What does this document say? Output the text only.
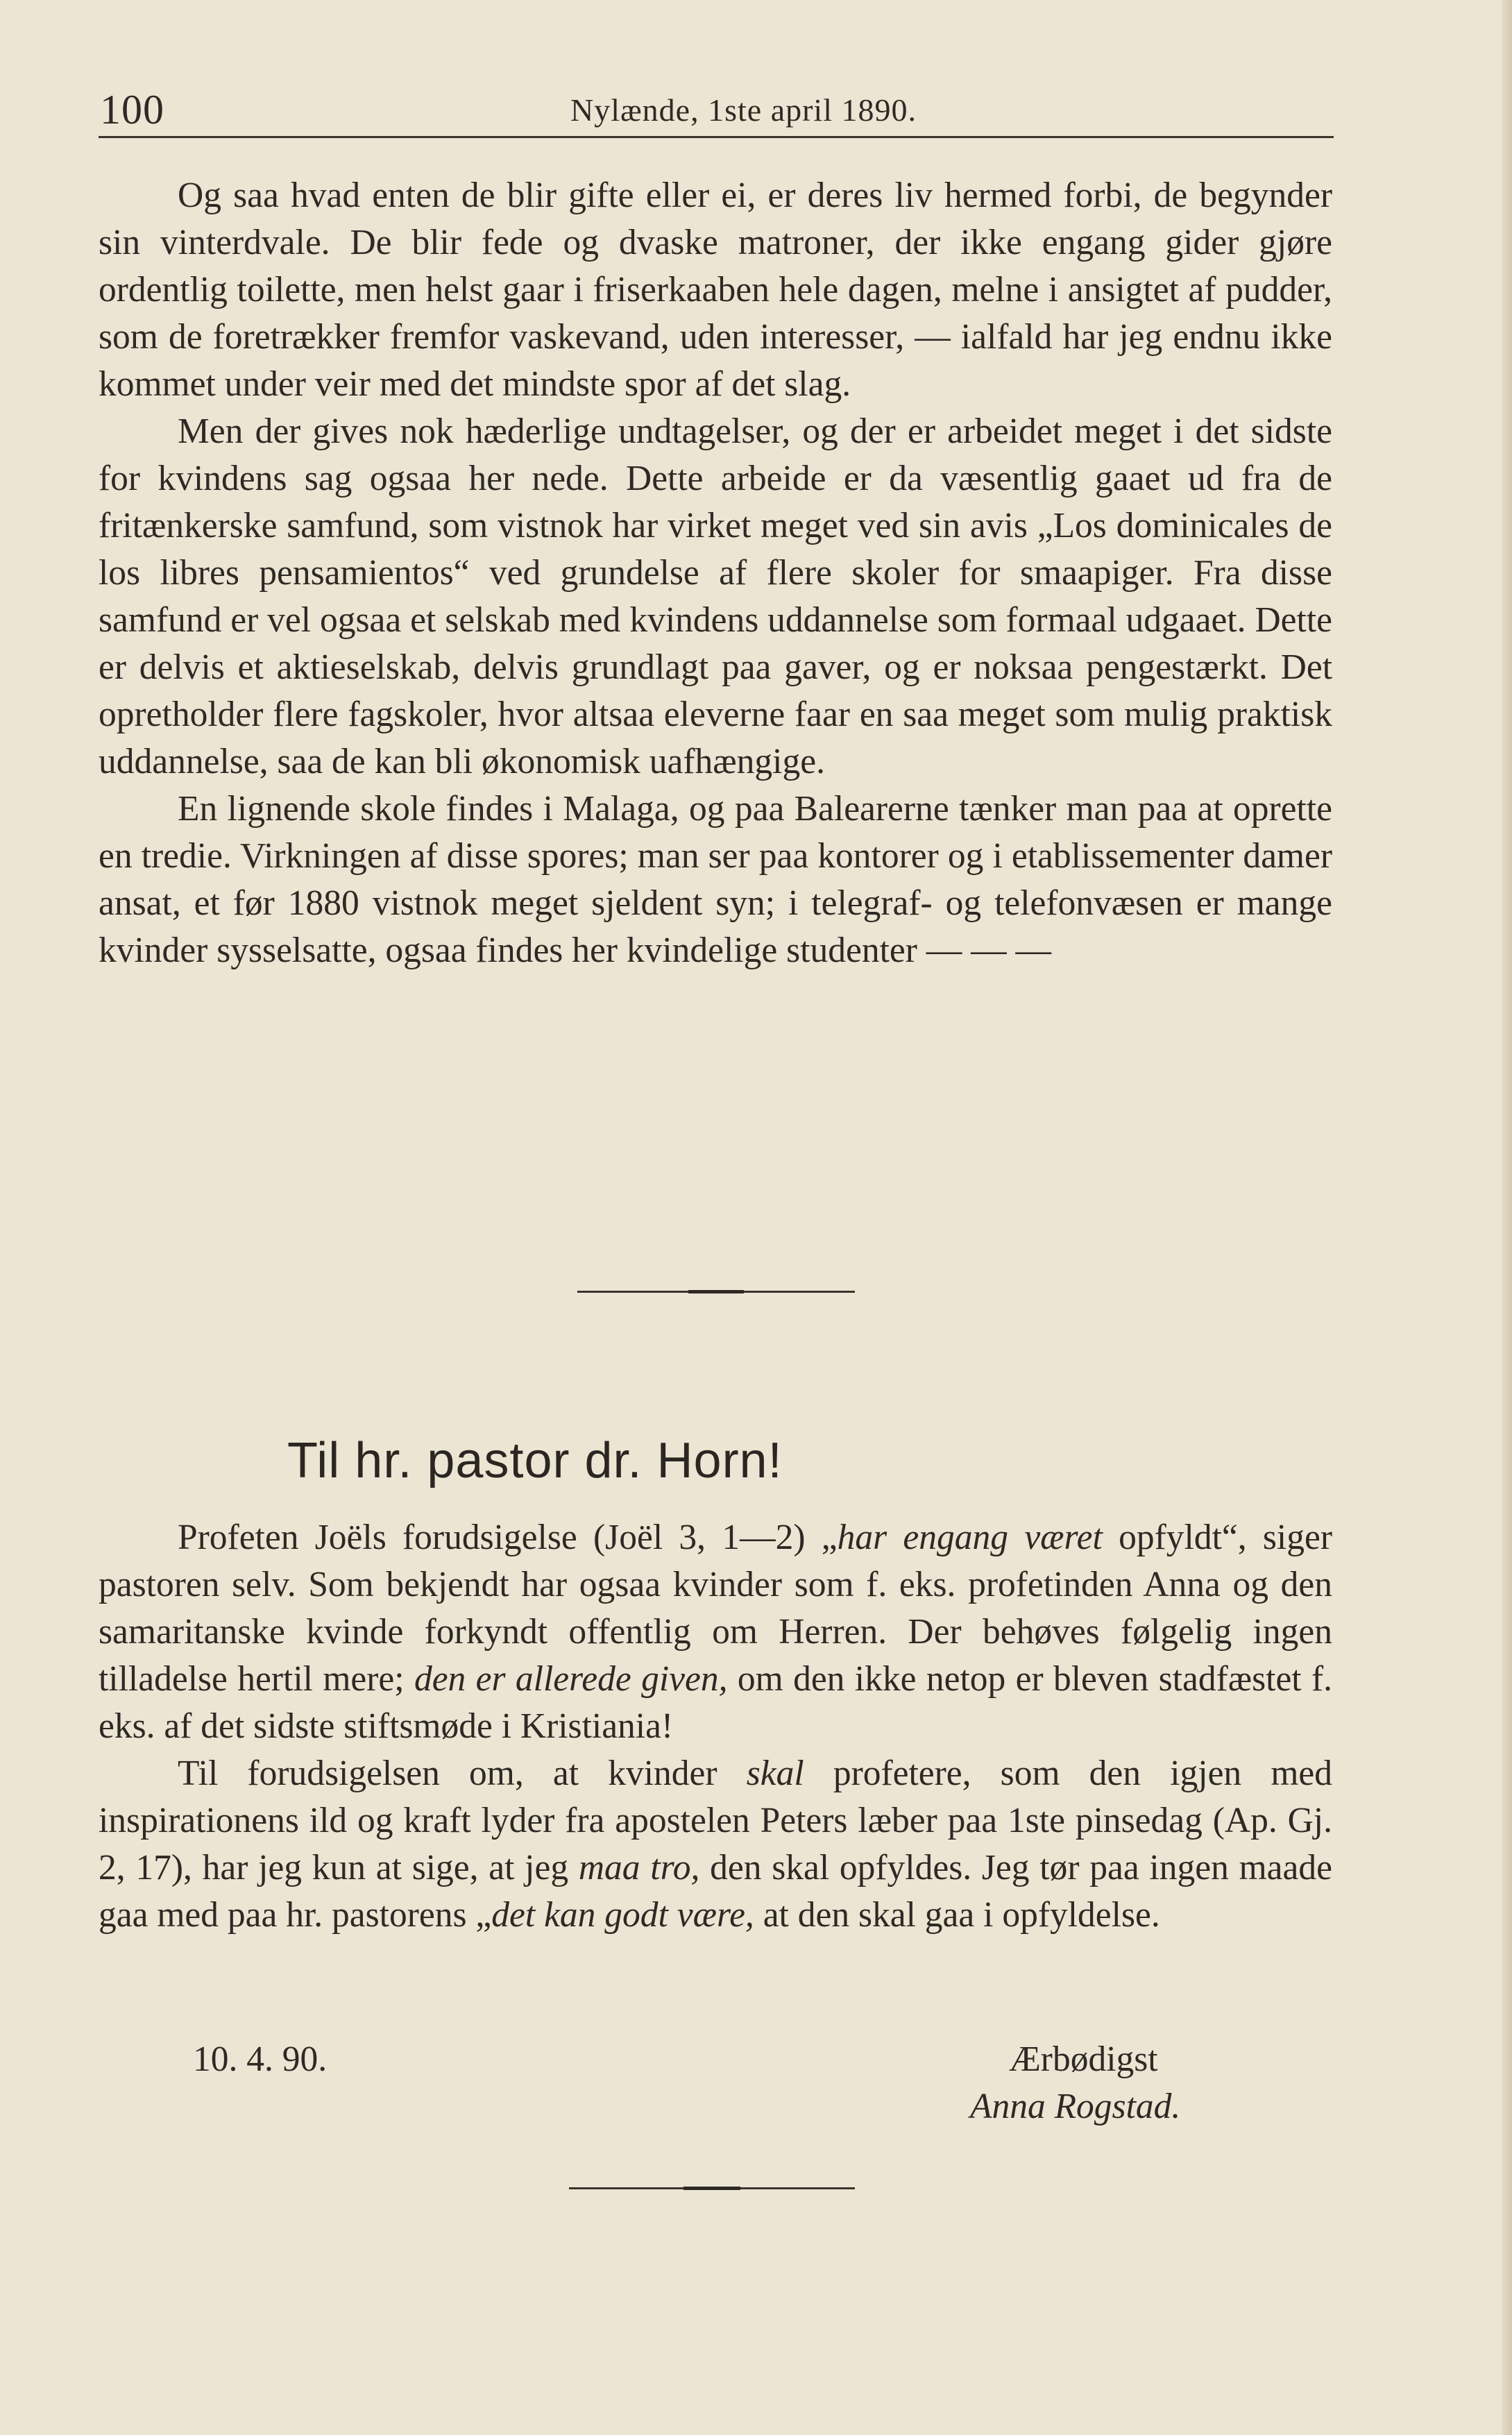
100	Nylænde, 1ste april 1890.

Og saa hvad enten de blir gifte eller ei, er deres liv hermed forbi, de begynder sin vinterdvale. De blir fede og dvaske matroner, der ikke engang gider gjøre ordentlig toilette, men helst gaar i friserkaaben hele dagen, melne i ansigtet af pudder, som de foretrækker fremfor vaskevand, uden interesser, — ialfald har jeg endnu ikke kommet under veir med det mindste spor af det slag.

Men der gives nok hæderlige undtagelser, og der er arbeidet meget i det sidste for kvindens sag ogsaa her nede. Dette arbeide er da væsentlig gaaet ud fra de fritænkerske samfund, som vistnok har virket meget ved sin avis „Los dominicales de los libres pensamientos“ ved grundelse af flere skoler for smaapiger. Fra disse samfund er vel ogsaa et selskab med kvindens uddannelse som formaal udgaaet. Dette er delvis et aktieselskab, delvis grundlagt paa gaver, og er noksaa pengestærkt. Det opretholder flere fagskoler, hvor altsaa eleverne faar en saa meget som mulig praktisk uddannelse, saa de kan bli økonomisk uafhængige.

En lignende skole findes i Malaga, og paa Balearerne tænker man paa at oprette en tredie. Virkningen af disse spores; man ser paa kontorer og i etablissementer damer ansat, et før 1880 vistnok meget sjeldent syn; i telegraf- og telefonvæsen er mange kvinder sysselsatte, ogsaa findes her kvindelige studenter — — —

Til hr. pastor dr. Horn!

Profeten Joëls forudsigelse (Joël 3, 1—2) „har engang været opfyldt“, siger pastoren selv. Som bekjendt har ogsaa kvinder som f. eks. profetinden Anna og den samaritanske kvinde forkyndt offentlig om Herren. Der behøves følgelig ingen tilladelse hertil mere; den er allerede given, om den ikke netop er bleven stadfæstet f. eks. af det sidste stiftsmøde i Kristiania!

Til forudsigelsen om, at kvinder skal profetere, som den igjen med inspirationens ild og kraft lyder fra apostelen Peters læber paa 1ste pinsedag (Ap. Gj. 2, 17), har jeg kun at sige, at jeg maa tro, den skal opfyldes. Jeg tør paa ingen maade gaa med paa hr. pastorens „det kan godt være, at den skal gaa i opfyldelse.

10. 4. 90.	Ærbødigst
Anna Rogstad.
